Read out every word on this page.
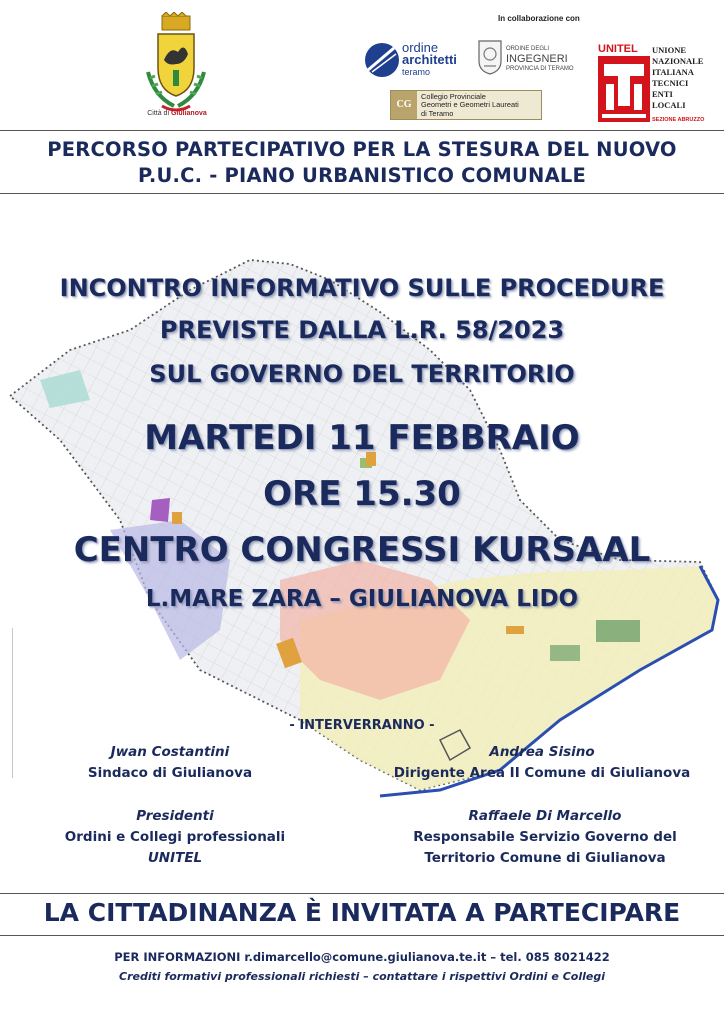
In collaborazione con
Città di Giulianova
ordine
architetti
teramo
ORDINE DEGLI
INGEGNERI
PROVINCIA DI TERAMO
CG
Collegio Provinciale
Geometri e Geometri Laureati
di Teramo
UNITEL UNIONE
NAZIONALE
ITALIANA
TECNICI
ENTI
LOCALI
SEZIONE ABRUZZO
PERCORSO PARTECIPATIVO PER LA STESURA DEL NUOVO
P.U.C. - PIANO URBANISTICO COMUNALE
INCONTRO INFORMATIVO SULLE PROCEDURE
PREVISTE DALLA L.R. 58/2023
SUL GOVERNO DEL TERRITORIO
MARTEDI 11 FEBBRAIO
ORE 15.30
CENTRO CONGRESSI KURSAAL
L.MARE ZARA – GIULIANOVA LIDO
- INTERVERRANNO -
Jwan Costantini
Sindaco di Giulianova
Andrea Sisino
Dirigente Area II Comune di Giulianova
Presidenti
Ordini e Collegi professionali
UNITEL
Raffaele Di Marcello
Responsabile Servizio Governo del
Territorio Comune di Giulianova
LA CITTADINANZA È INVITATA A PARTECIPARE
PER INFORMAZIONI r.dimarcello@comune.giulianova.te.it – tel. 085 8021422
Crediti formativi professionali richiesti – contattare i rispettivi Ordini e Collegi
